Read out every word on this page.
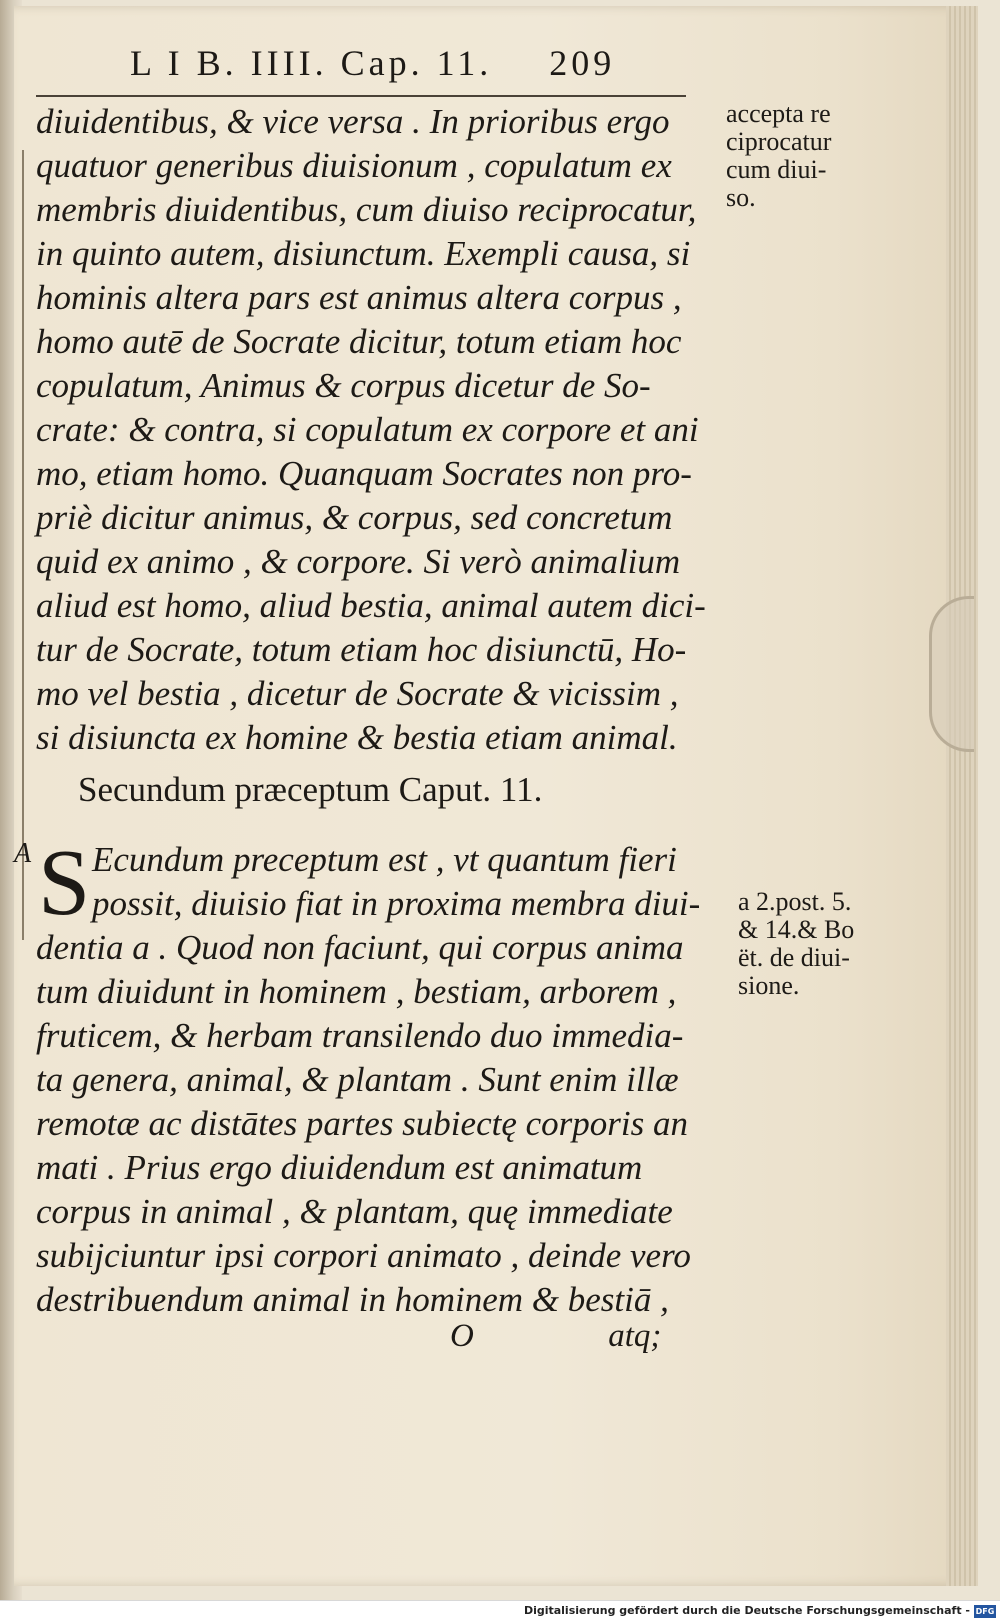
L I B. IIII. Cap. 11. 209
diuidentibus, & vice versa . In prioribus ergo
quatuor generibus diuisionum , copulatum ex
membris diuidentibus, cum diuiso reciprocatur,
in quinto autem, disiunctum. Exempli causa, si
hominis altera pars est animus altera corpus ,
homo autē de Socrate dicitur, totum etiam hoc
copulatum, Animus & corpus dicetur de So-
crate: & contra, si copulatum ex corpore et ani
mo, etiam homo. Quanquam Socrates non pro-
priè dicitur animus, & corpus, sed concretum
quid ex animo , & corpore. Si verò animalium
aliud est homo, aliud bestia, animal autem dici-
tur de Socrate, totum etiam hoc disiunctū, Ho-
mo vel bestia , dicetur de Socrate & vicissim ,
si disiuncta ex homine & bestia etiam animal.
accepta re
ciprocatur
cum diui-
so.
Secundum præceptum Caput. 11.
A S Ecundum preceptum est , vt quantum fieri
possit, diuisio fiat in proxima membra diui-
dentia a . Quod non faciunt, qui corpus anima
tum diuidunt in hominem , bestiam, arborem ,
fruticem, & herbam transilendo duo immedia-
ta genera, animal, & plantam . Sunt enim illæ
remotæ ac distātes partes subiectę corporis an
mati . Prius ergo diuidendum est animatum
corpus in animal , & plantam, quę immediate
subijciuntur ipsi corpori animato , deinde vero
destribuendum animal in hominem & bestiā ,
a 2.post. 5.
& 14.& Bo
ët. de diui-
sione.
O	atq;
Digitalisierung gefördert durch die Deutsche Forschungsgemeinschaft - DFG
